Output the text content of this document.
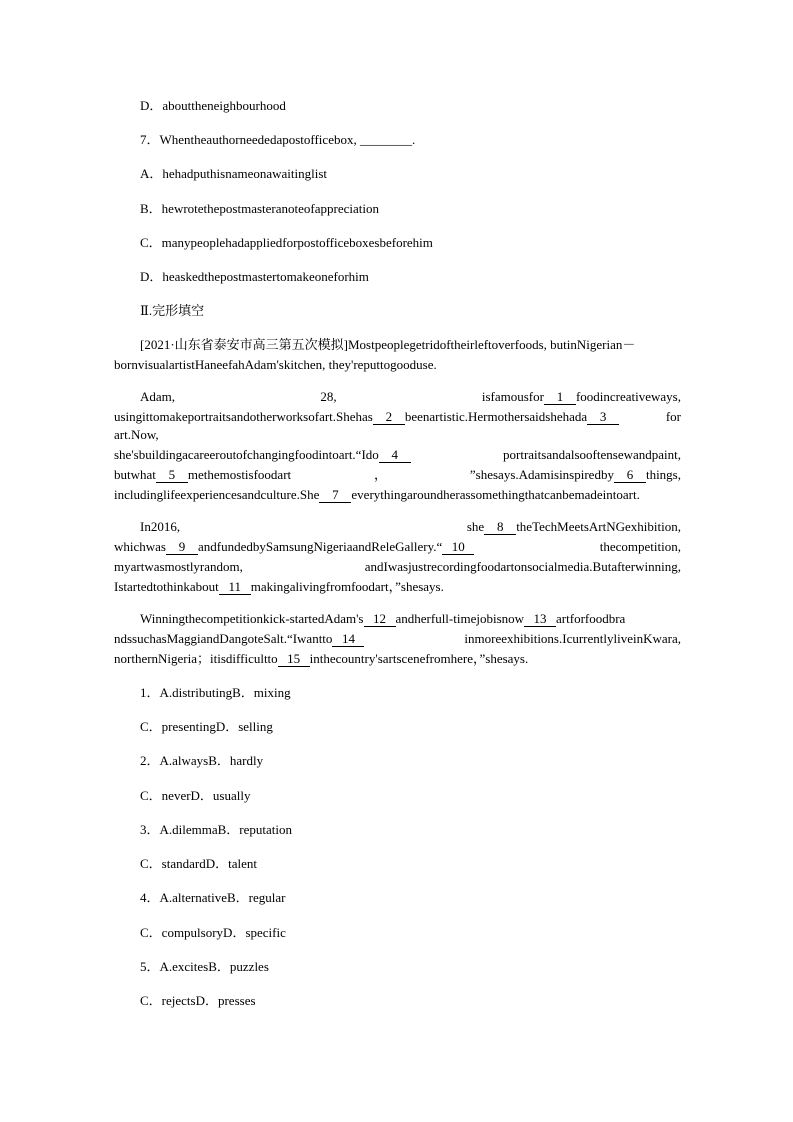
D．abouttheneighbourhood
7．Whentheauthorneededapostofficebox, ________.
A．hehadputhisnameonawaitinglist
B．hewrotethepostmasteranoteofappreciation
C．manypeoplehadappliedforpostofficeboxesbeforehim
D．heaskedthepostmastertomakeoneforhim
Ⅱ.完形填空
[2021·山东省泰安市高三第五次模拟]Mostpeoplegetridoftheirleftoverfoods, butinNigerian－
bornvisualartistHaneefahAdam'skitchen, they'reputtogooduse.
Adam,	28,	isfamousfor 1 foodincreativeways,
usingittomakeportraitsandotherworksofart.Shehas 2 beenartistic.Hermothersaidshehada 3	for
art.Now,
she'sbuildingacareeroutofchangingfoodintoart.“Ido 4	portraitsandalsooftensewandpaint,
butwhat 5 methemostisfoodart	，	”shesays.Adamisinspiredby 6 things,
includinglifeexperiencesandculture.She 7 everythingaroundherassomethingthatcanbemadeintoart.
In2016,	she 8 theTechMeetsArtNGexhibition,
whichwas 9 andfundedbySamsungNigeriaandReleGallery.“ 10	thecompetition,
myartwasmostlyrandom,	andIwasjustrecordingfoodartonsocialmedia.Butafterwinning,
Istartedtothinkabout 11 makingalivingfromfoodart，”shesays.
Winningthecompetitionkick-startedAdam's 12 andherfull-timejobisnow 13 artforfoodbra
ndssuchasMaggiandDangoteSalt.“Iwantto 14	inmoreexhibitions.IcurrentlyliveinKwara,
northernNigeria；itisdifficultto 15 inthecountry'sartscenefromhere，”shesays.
1．A.distributingB．mixing
C．presentingD．selling
2．A.alwaysB．hardly
C．neverD．usually
3．A.dilemmaB．reputation
C．standardD．talent
4．A.alternativeB．regular
C．compulsoryD．specific
5．A.excitesB．puzzles
C．rejectsD．presses
